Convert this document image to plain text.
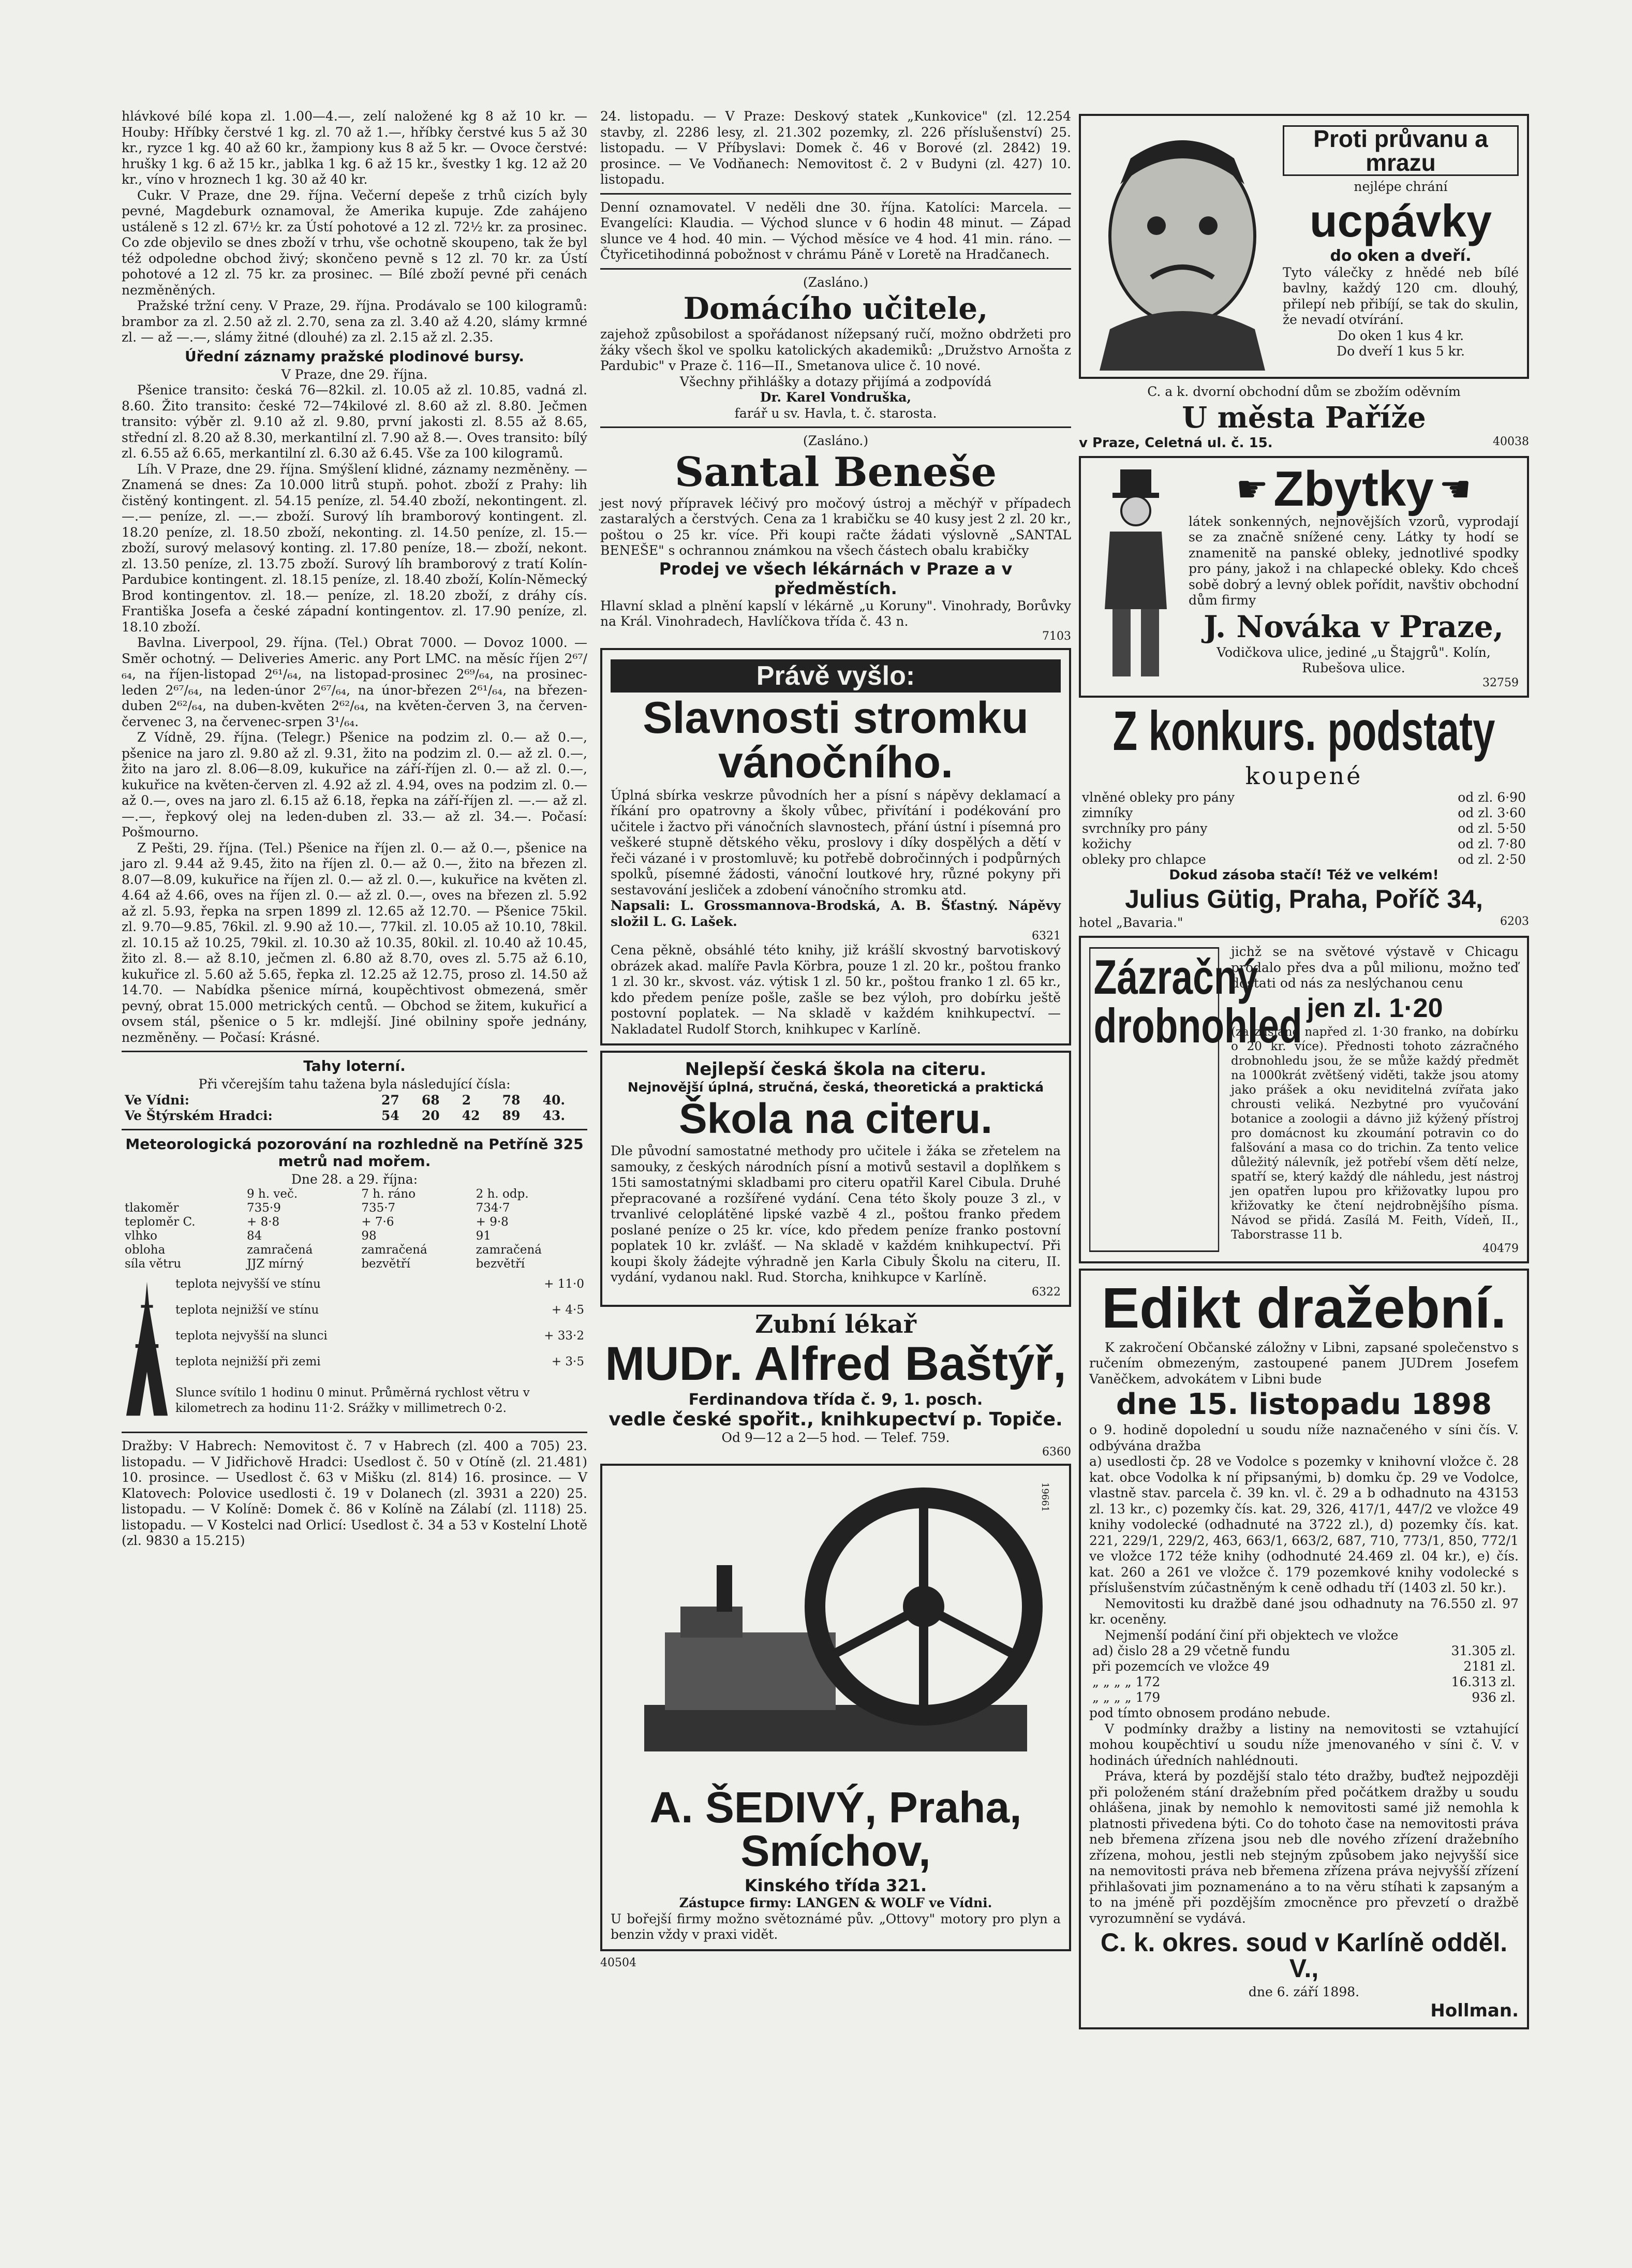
hlávkové bílé kopa zl. 1.00—4.—, zelí naložené kg 8 až 10 kr. — Houby: Hříbky čerstvé 1 kg. zl. 70 až 1.—, hříbky čerstvé kus 5 až 30 kr., ryzce 1 kg. 40 až 60 kr., žampiony kus 8 až 5 kr. — Ovoce čerstvé: hrušky 1 kg. 6 až 15 kr., jablka 1 kg. 6 až 15 kr., švestky 1 kg. 12 až 20 kr., víno v hroznech 1 kg. 30 až 40 kr.

Cukr. V Praze, dne 29. října. Večerní depeše z trhů cizích byly pevné, Magdeburk oznamoval, že Amerika kupuje. Zde zahájeno ustáleně s 12 zl. 67½ kr. za Ústí pohotové a 12 zl. 72½ kr. za prosinec. Co zde objevilo se dnes zboží v trhu, vše ochotně skoupeno, tak že byl též odpoledne obchod živý; skončeno pevně s 12 zl. 70 kr. za Ústí pohotové a 12 zl. 75 kr. za prosinec. — Bílé zboží pevné při cenách nezměněných.

Pražské tržní ceny. V Praze, 29. října. Prodávalo se 100 kilogramů: brambor za zl. 2.50 až zl. 2.70, sena za zl. 3.40 až 4.20, slámy krmné zl. — až —.—, slámy žitné (dlouhé) za zl. 2.15 až zl. 2.35.

Úřední záznamy pražské plodinové bursy.
V Praze, dne 29. října.

Pšenice transito: česká 76—82kil. zl. 10.05 až zl. 10.85, vadná zl. 8.60. Žito transito: české 72—74kilové zl. 8.60 až zl. 8.80. Ječmen transito: výběr zl. 9.10 až zl. 9.80, první jakosti zl. 8.55 až 8.65, střední zl. 8.20 až 8.30, merkantilní zl. 7.90 až 8.—. Oves transito: bílý zl. 6.55 až 6.65, merkantilní zl. 6.30 až 6.45. Vše za 100 kilogramů.

Líh. V Praze, dne 29. října. Smýšlení klidné, záznamy nezměněny. — Znamená se dnes: Za 10.000 litrů stupň. pohot. zboží z Prahy: lih čistěný kontingent. zl. 54.15 peníze, zl. 54.40 zboží, nekontingent. zl. —.— peníze, zl. —.— zboží. Surový líh bramborový kontingent. zl. 18.20 peníze, zl. 18.50 zboží, nekonting. zl. 14.50 peníze, zl. 15.— zboží, surový melasový konting. zl. 17.80 peníze, 18.— zboží, nekont. zl. 13.50 peníze, zl. 13.75 zboží. Surový líh bramborový z tratí Kolín-Pardubice kontingent. zl. 18.15 peníze, zl. 18.40 zboží, Kolín-Německý Brod kontingentov. zl. 18.— peníze, zl. 18.20 zboží, z dráhy cís. Františka Josefa a české západní kontingentov. zl. 17.90 peníze, zl. 18.10 zboží.

Bavlna. Liverpool, 29. října. (Tel.) Obrat 7000. — Dovoz 1000. — Směr ochotný. — Deliveries Americ. any Port LMC. na měsíc říjen 2⁶⁷/₆₄, na říjen-listopad 2⁶¹/₆₄, na listopad-prosinec 2⁶⁹/₆₄, na prosinec-leden 2⁶⁷/₆₄, na leden-únor 2⁶⁷/₆₄, na únor-březen 2⁶¹/₆₄, na březen-duben 2⁶²/₆₄, na duben-květen 2⁶²/₆₄, na květen-červen 3, na červen-červenec 3, na červenec-srpen 3¹/₆₄.

Z Vídně, 29. října. (Telegr.) Pšenice na podzim zl. 0.— až 0.—, pšenice na jaro zl. 9.80 až zl. 9.31, žito na podzim zl. 0.— až zl. 0.—, žito na jaro zl. 8.06—8.09, kukuřice na září-říjen zl. 0.— až zl. 0.—, kukuřice na květen-červen zl. 4.92 až zl. 4.94, oves na podzim zl. 0.— až 0.—, oves na jaro zl. 6.15 až 6.18, řepka na září-říjen zl. —.— až zl. —.—, řepkový olej na leden-duben zl. 33.— až zl. 34.—. Počasí: Pošmourno.

Z Pešti, 29. října. (Tel.) Pšenice na říjen zl. 0.— až 0.—, pšenice na jaro zl. 9.44 až 9.45, žito na říjen zl. 0.— až 0.—, žito na březen zl. 8.07—8.09, kukuřice na říjen zl. 0.— až zl. 0.—, kukuřice na květen zl. 4.64 až 4.66, oves na říjen zl. 0.— až zl. 0.—, oves na březen zl. 5.92 až zl. 5.93, řepka na srpen 1899 zl. 12.65 až 12.70. — Pšenice 75kil. zl. 9.70—9.85, 76kil. zl. 9.90 až 10.—, 77kil. zl. 10.05 až 10.10, 78kil. zl. 10.15 až 10.25, 79kil. zl. 10.30 až 10.35, 80kil. zl. 10.40 až 10.45, žito zl. 8.— až 8.10, ječmen zl. 6.80 až 8.70, oves zl. 5.75 až 6.10, kukuřice zl. 5.60 až 5.65, řepka zl. 12.25 až 12.75, proso zl. 14.50 až 14.70. — Nabídka pšenice mírná, koupěchtivost obmezená, směr pevný, obrat 15.000 metrických centů. — Obchod se žitem, kukuřicí a ovsem stál, pšenice o 5 kr. mdlejší. Jiné obilniny spoře jednány, nezměněny. — Počasí: Krásné.

Tahy loterní.
Při včerejším tahu tažena byla následující čísla:
Ve Vídni:	27	68	2	78	40.
Ve Štýrském Hradci:	54	20	42	89	43.
Meteorologická pozorování na rozhledně na Petříně 325 metrů nad mořem.
Dne 28. a 29. října:
	9 h. več.	7 h. ráno	2 h. odp.
tlakoměr	735·9	735·7	734·7
teploměr C.	+ 8·8	+ 7·6	+ 9·8
vlhko	84	98	91
obloha	zamračená	zamračená	zamračená
síla větru	JJZ mírný	bezvětří	bezvětří
teplota nejvyšší ve stínu	+ 11·0
teplota nejnižší ve stínu	+ 4·5
teplota nejvyšší na slunci	+ 33·2
teplota nejnižší při zemi	+ 3·5
Slunce svítilo 1 hodinu 0 minut. Průměrná rychlost větru v kilometrech za hodinu 11·2. Srážky v millimetrech 0·2.	

Dražby: V Habrech: Nemovitost č. 7 v Habrech (zl. 400 a 705) 23. listopadu. — V Jidřichově Hradci: Usedlost č. 50 v Otíně (zl. 21.481) 10. prosince. — Usedlost č. 63 v Mišku (zl. 814) 16. prosince. — V Klatovech: Polovice usedlosti č. 19 v Dolanech (zl. 3931 a 220) 25. listopadu. — V Kolíně: Domek č. 86 v Kolíně na Zálabí (zl. 1118) 25. listopadu. — V Kostelci nad Orlicí: Usedlost č. 34 a 53 v Kostelní Lhotě (zl. 9830 a 15.215)

24. listopadu. — V Praze: Deskový statek „Kunkovice" (zl. 12.254 stavby, zl. 2286 lesy, zl. 21.302 pozemky, zl. 226 příslušenství) 25. listopadu. — V Příbyslavi: Domek č. 46 v Borové (zl. 2842) 19. prosince. — Ve Vodňanech: Nemovitost č. 2 v Budyni (zl. 427) 10. listopadu.

Denní oznamovatel. V neděli dne 30. října. Katolíci: Marcela. — Evangelíci: Klaudia. — Východ slunce v 6 hodin 48 minut. — Západ slunce ve 4 hod. 40 min. — Východ měsíce ve 4 hod. 41 min. ráno. — Čtyřicetihodinná pobožnost v chrámu Páně v Loretě na Hradčanech.

(Zasláno.)
Domácího učitele,

zajehož způsobilost a spořádanost nížepsaný ručí, možno obdržeti pro žáky všech škol ve spolku katolických akademiků: „Družstvo Arnošta z Pardubic" v Praze č. 116—II., Smetanova ulice č. 10 nové.

Všechny přihlášky a dotazy přijímá a zodpovídá

Dr. Karel Vondruška,

farář u sv. Havla, t. č. starosta.

(Zasláno.)
Santal Beneše

jest nový přípravek léčivý pro močový ústroj a měchýř v případech zastaralých a čerstvých. Cena za 1 krabičku se 40 kusy jest 2 zl. 20 kr., poštou o 25 kr. více. Při koupi račte žádati výslovně „SANTAL BENEŠE" s ochrannou známkou na všech částech obalu krabičky

Prodej ve všech lékárnách v Praze a v předměstích.

Hlavní sklad a plnění kapslí v lékárně „u Koruny". Vinohrady, Borůvky na Král. Vinohradech, Havlíčkova třída č. 43 n.

7103
Právě vyšlo:
Slavnosti stromku vánočního.

Úplná sbírka veskrze původních her a písní s nápěvy deklamací a říkání pro opatrovny a školy vůbec, přivítání i podékování pro učitele i žactvo při vánočních slavnostech, přání ústní i písemná pro veškeré stupně dětského věku, proslovy i díky dospělých a dětí v řeči vázané i v prostomluvě; ku potřebě dobročinných i podpůrných spolků, písemné žádosti, vánoční loutkové hry, různé pokyny při sestavování jesliček a zdobení vánočního stromku atd.

Napsali: L. Grossmannova-Brodská, A. B. Šťastný. Nápěvy složil L. G. Lašek.

6321

Cena pěkně, obsáhlé této knihy, již krášlí skvostný barvotiskový obrázek akad. malíře Pavla Körbra, pouze 1 zl. 20 kr., poštou franko 1 zl. 30 kr., skvost. váz. výtisk 1 zl. 50 kr., poštou franko 1 zl. 65 kr., kdo předem peníze pošle, zašle se bez výloh, pro dobírku ještě postovní poplatek. — Na skladě v každém knihkupectví. — Nakladatel Rudolf Storch, knihkupec v Karlíně.

Nejlepší česká škola na citeru.
Nejnovější úplná, stručná, česká, theoretická a praktická
Škola na citeru.

Dle původní samostatné methody pro učitele i žáka se zřetelem na samouky, z českých národních písní a motivů sestavil a doplňkem s 15ti samostatnými skladbami pro citeru opatřil Karel Cibula. Druhé přepracované a rozšířené vydání. Cena této školy pouze 3 zl., v trvanlivé celoplátěné lipské vazbě 4 zl., poštou franko předem poslané peníze o 25 kr. více, kdo předem peníze franko postovní poplatek 10 kr. zvlášť. — Na skladě v každém knihkupectví. Při koupi školy žádejte výhradně jen Karla Cibuly Školu na citeru, II. vydání, vydanou nakl. Rud. Storcha, knihkupce v Karlíně.

6322
Zubní lékař
MUDr. Alfred Baštýř,
Ferdinandova třída č. 9, 1. posch.
vedle české spořit., knihkupectví p. Topiče.
Od 9—12 a 2—5 hod. — Telef. 759.
6360
19661
A. ŠEDIVÝ, Praha, Smíchov,
Kinského třída 321.
Zástupce firmy: LANGEN & WOLF ve Vídni.

U bořejší firmy možno světoznámé pův. „Ottovy" motory pro plyn a benzin vždy v praxi vidět.

40504
Proti průvanu a mrazu
nejlépe chrání
ucpávky
do oken a dveří.

Tyto válečky z hnědé neb bílé bavlny, každý 120 cm. dlouhý, přilepí neb přibíjí, se tak do skulin, že nevadí otvírání.

Do oken 1 kus 4 kr.
Do dveří 1 kus 5 kr.
C. a k. dvorní obchodní dům se zbožím oděvním
U města Paříže
v Praze, Celetná ul. č. 15.	40038
☛ Zbytky ☛

látek sonkenných, nejnovějších vzorů, vyprodají se za značně snížené ceny. Látky ty hodí se znamenitě na panské obleky, jednotlivé spodky pro pány, jakož i na chlapecké obleky. Kdo chceš sobě dobrý a levný oblek pořídit, navštiv obchodní dům firmy

J. Nováka v Praze,
Vodičkova ulice, jediné „u Štajgrů". Kolín, Rubešova ulice.
32759
Z konkurs. podstaty
koupené
vlněné obleky pro pány	od zl. 6·90
zimníky	od zl. 3·60
svrchníky pro pány	od zl. 5·50
kožichy	od zl. 7·80
obleky pro chlapce	od zl. 2·50
Dokud zásoba stačí! Též ve velkém!
Julius Gütig, Praha, Poříč 34,
hotel „Bavaria."	6203
Zázračný drobnohled

jichž se na světové výstavě v Chicagu prodalo přes dva a půl milionu, možno teď dostati od nás za neslýchanou cenu

jen zl. 1·20

(za zaslané napřed zl. 1·30 franko, na dobírku o 20 kr. více). Přednosti tohoto zázračného drobnohledu jsou, že se může každý předmět na 1000krát zvětšený viděti, takže jsou atomy jako prášek a oku neviditelná zvířata jako chrousti veliká. Nezbytné pro vyučování botanice a zoologii a dávno již kýžený přístroj pro domácnost ku zkoumání potravin co do falšování a masa co do trichin. Za tento velice důležitý nálevník, jež potřebí všem dětí nelze, spatří se, který každý dle náhledu, jest nástroj jen opatřen lupou pro křižovatky lupou pro křižovatky ke čtení nejdrobnějšího písma. Návod se přidá. Zasílá M. Feith, Vídeň, II., Taborstrasse 11 b.

40479
Edikt dražební.

K zakročení Občanské záložny v Libni, zapsané společenstvo s ručením obmezeným, zastoupené panem JUDrem Josefem Vaněčkem, advokátem v Libni bude

dne 15. listopadu 1898

o 9. hodině dopolední u soudu níže naznačeného v síni čís. V. odbývána dražba

a) usedlosti čp. 28 ve Vodolce s pozemky v knihovní vložce č. 28 kat. obce Vodolka k ní připsanými, b) domku čp. 29 ve Vodolce, vlastně stav. parcela č. 39 kn. vl. č. 29 a b odhadnuto na 43153 zl. 13 kr., c) pozemky čís. kat. 29, 326, 417/1, 447/2 ve vložce 49 knihy vodolecké (odhadnuté na 3722 zl.), d) pozemky čís. kat. 221, 229/1, 229/2, 463, 663/1, 663/2, 687, 710, 773/1, 850, 772/1 ve vložce 172 téže knihy (odhodnuté 24.469 zl. 04 kr.), e) čís. kat. 260 a 261 ve vložce č. 179 pozemkové knihy vodolecké s příslušenstvím zúčastněným k ceně odhadu tří (1403 zl. 50 kr.).

Nemovitosti ku dražbě dané jsou odhadnuty na 76.550 zl. 97 kr. oceněny.

Nejmenší podání činí při objektech ve vložce

ad) čislo 28 a 29 včetně fundu	31.305 zl.
při pozemcích ve vložce 49	2181 zl.
„ „ „ „ 172	16.313 zl.
„ „ „ „ 179	936 zl.

pod tímto obnosem prodáno nebude.

V podmínky dražby a listiny na nemovitosti se vztahující mohou koupěchtiví u soudu níže jmenovaného v síni č. V. v hodinách úředních nahlédnouti.

Práva, která by pozdější stalo této dražby, buďtež nejpozději při položeném stání dražebním před počátkem dražby u soudu ohlášena, jinak by nemohlo k nemovitosti samé již nemohla k platnosti přivedena býti. Co do tohoto čase na nemovitosti práva neb břemena zřízena jsou neb dle nového zřízení dražebního zřízena, mohou, jestli neb stejným způsobem jako nejvyšší sice na nemovitosti práva neb břemena zřízena práva nejvyšší zřízení přihlašovati jim poznamenáno a to na věru stíhati k zapsaným a to na jméně při pozdějším zmocněnce pro převzetí o dražbě vyrozumnění se vydává.

C. k. okres. soud v Karlíně odděl. V.,
dne 6. září 1898.
Hollman.
